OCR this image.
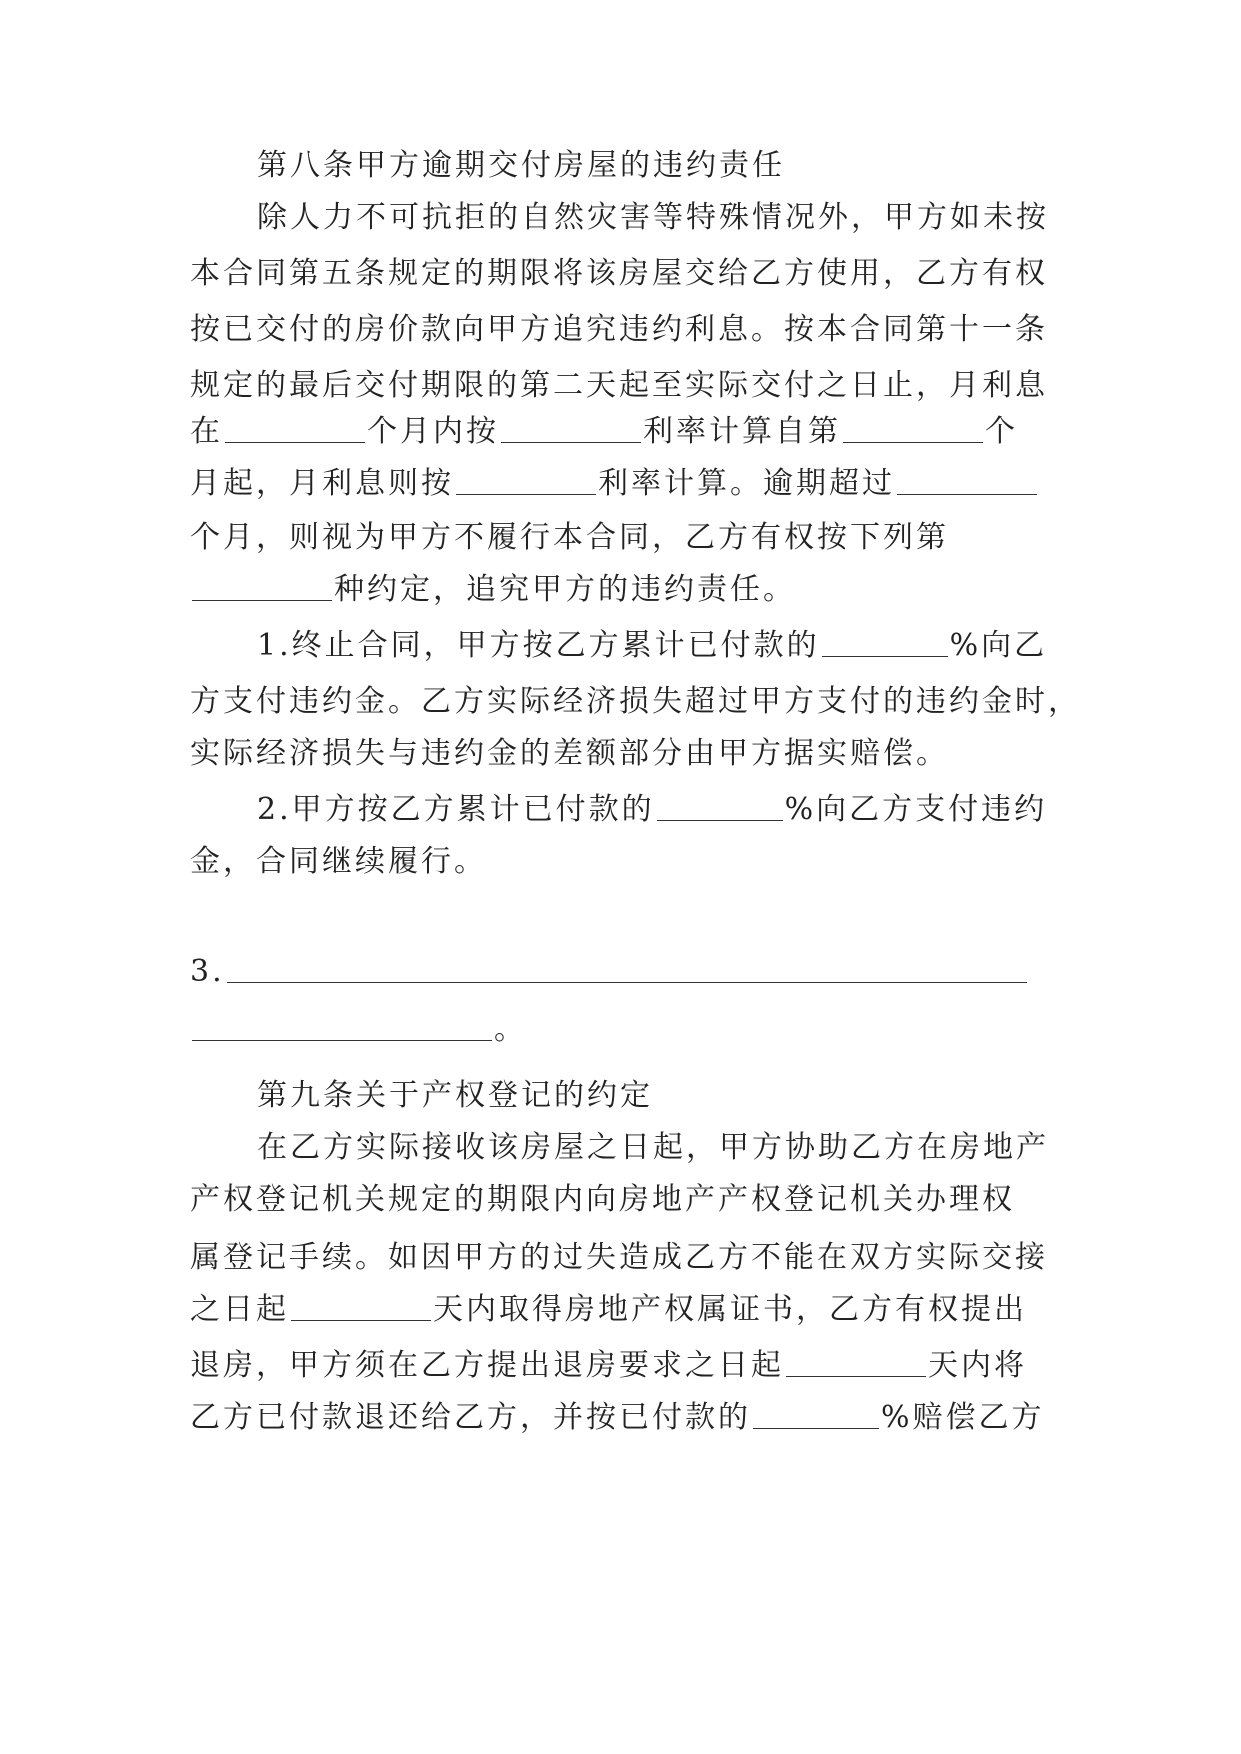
第八条甲方逾期交付房屋的违约责任
除人力不可抗拒的自然灾害等特殊情况外，甲方如未按
本合同第五条规定的期限将该房屋交给乙方使用，乙方有权
按已交付的房价款向甲方追究违约利息。按本合同第十一条
规定的最后交付期限的第二天起至实际交付之日止，月利息
在	个月内按	利率计算自第	个
月起，月利息则按	利率计算。逾期超过
个月，则视为甲方不履行本合同，乙方有权按下列第
种约定，追究甲方的违约责任。
1.终止合同，甲方按乙方累计已付款的	%向乙
方支付违约金。乙方实际经济损失超过甲方支付的违约金时，
实际经济损失与违约金的差额部分由甲方据实赔偿。
2.甲方按乙方累计已付款的	%向乙方支付违约
金，合同继续履行。
3.
。
第九条关于产权登记的约定
在乙方实际接收该房屋之日起，甲方协助乙方在房地产
产权登记机关规定的期限内向房地产产权登记机关办理权
属登记手续。如因甲方的过失造成乙方不能在双方实际交接
之日起	天内取得房地产权属证书，乙方有权提出
退房，甲方须在乙方提出退房要求之日起	天内将
乙方已付款退还给乙方，并按已付款的	%赔偿乙方
